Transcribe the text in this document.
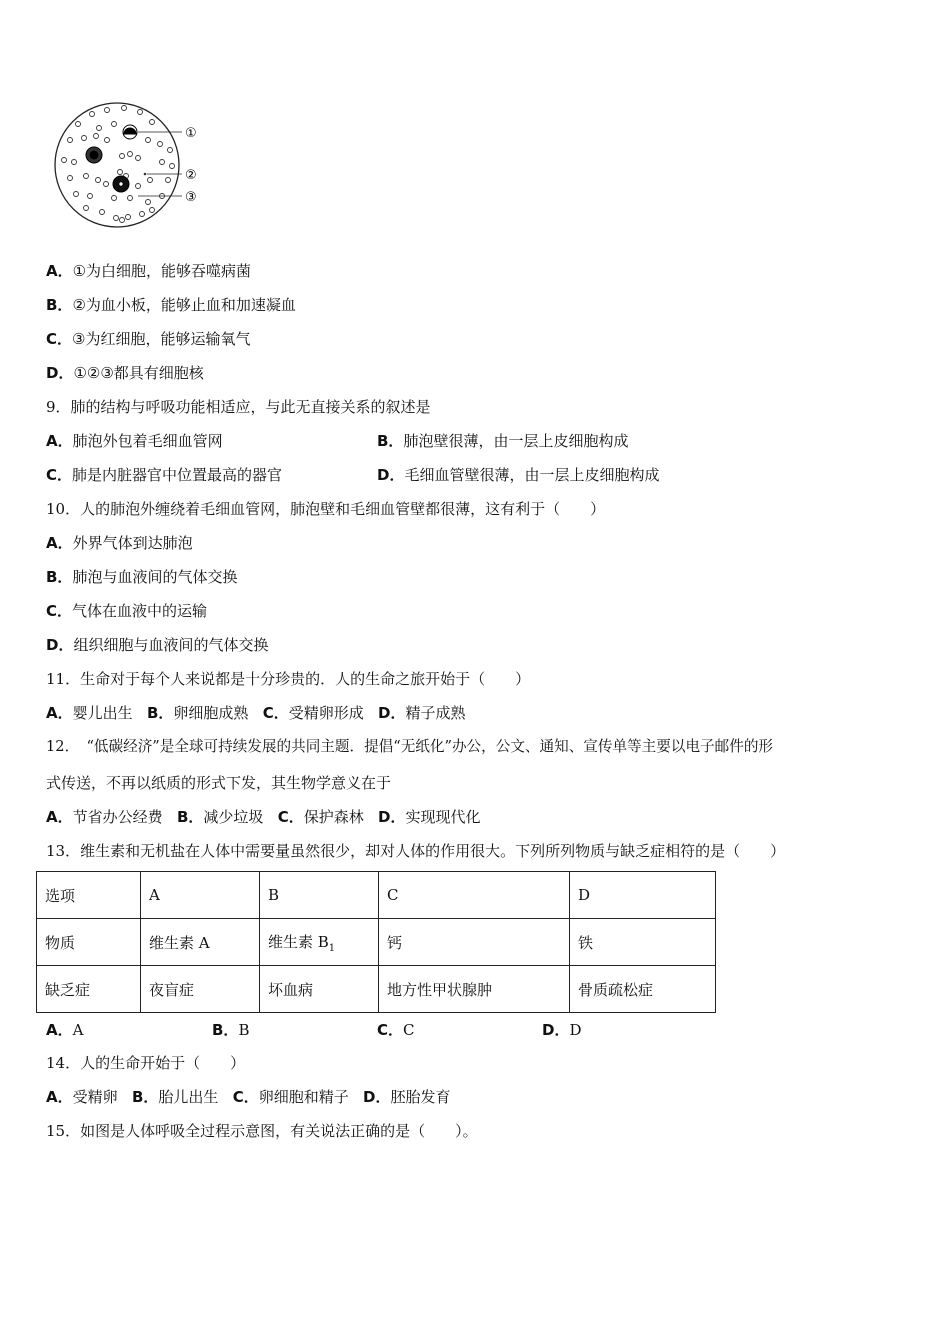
①
②
③
A．①为白细胞，能够吞噬病菌
B．②为血小板，能够止血和加速凝血
C．③为红细胞，能够运输氧气
D．①②③都具有细胞核
9．肺的结构与呼吸功能相适应，与此无直接关系的叙述是
A．肺泡外包着毛细血管网	B．肺泡壁很薄，由一层上皮细胞构成
C．肺是内脏器官中位置最高的器官	D．毛细血管壁很薄，由一层上皮细胞构成
10．人的肺泡外缠绕着毛细血管网，肺泡壁和毛细血管壁都很薄，这有利于（　　）
A．外界气体到达肺泡
B．肺泡与血液间的气体交换
C．气体在血液中的运输
D．组织细胞与血液间的气体交换
11．生命对于每个人来说都是十分珍贵的．人的生命之旅开始于（　　）
A．婴儿出生 B．卵细胞成熟 C．受精卵形成 D．精子成熟
12．　“低碳经济”是全球可持续发展的共同主题．提倡“无纸化”办公，公文、通知、宣传单等主要以电子邮件的形
式传送，不再以纸质的形式下发，其生物学意义在于
A．节省办公经费 B．减少垃圾 C．保护森林 D．实现现代化
13．维生素和无机盐在人体中需要量虽然很少，却对人体的作用很大。下列所列物质与缺乏症相符的是（　　）
选项	A	B	C	D
物质	维生素 A	维生素 $B_1$	钙	铁
缺乏症	夜盲症	坏血病	地方性甲状腺肿	骨质疏松症
A．A	B．B	C．C	D．D
14．人的生命开始于（　　）
A．受精卵 B．胎儿出生 C．卵细胞和精子 D．胚胎发育
15．如图是人体呼吸全过程示意图，有关说法正确的是（　　）。
